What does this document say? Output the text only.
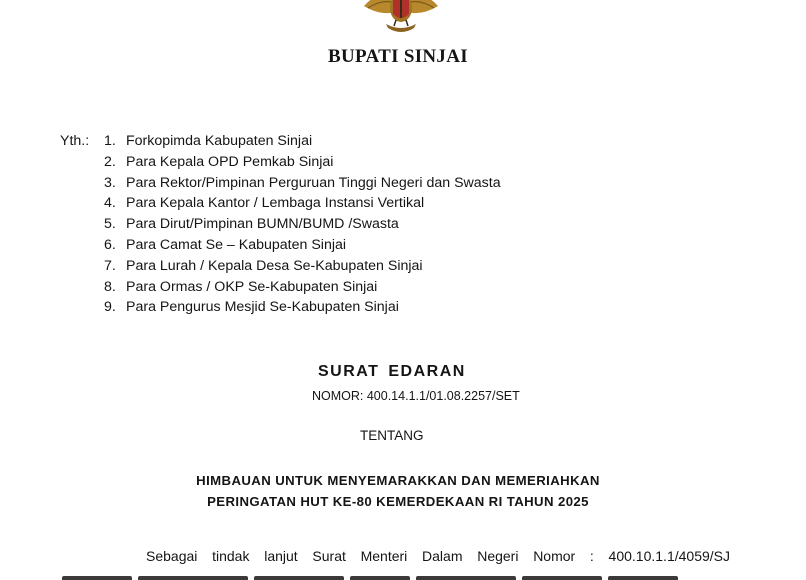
BUPATI SINJAI
Yth.: 1. Forkopimda Kabupaten Sinjai
2. Para Kepala OPD Pemkab Sinjai
3. Para Rektor/Pimpinan Perguruan Tinggi Negeri dan Swasta
4. Para Kepala Kantor / Lembaga Instansi Vertikal
5. Para Dirut/Pimpinan BUMN/BUMD /Swasta
6. Para Camat Se – Kabupaten Sinjai
7. Para Lurah / Kepala Desa Se-Kabupaten Sinjai
8. Para Ormas / OKP Se-Kabupaten Sinjai
9. Para Pengurus Mesjid Se-Kabupaten Sinjai
SURAT EDARAN
NOMOR: 400.14.1.1/01.08.2257/SET
TENTANG
HIMBAUAN UNTUK MENYEMARAKKAN DAN MEMERIAHKAN
PERINGATAN HUT KE-80 KEMERDEKAAN RI TAHUN 2025
Sebagai tindak lanjut Surat Menteri Dalam Negeri Nomor : 400.10.1.1/4059/SJ
